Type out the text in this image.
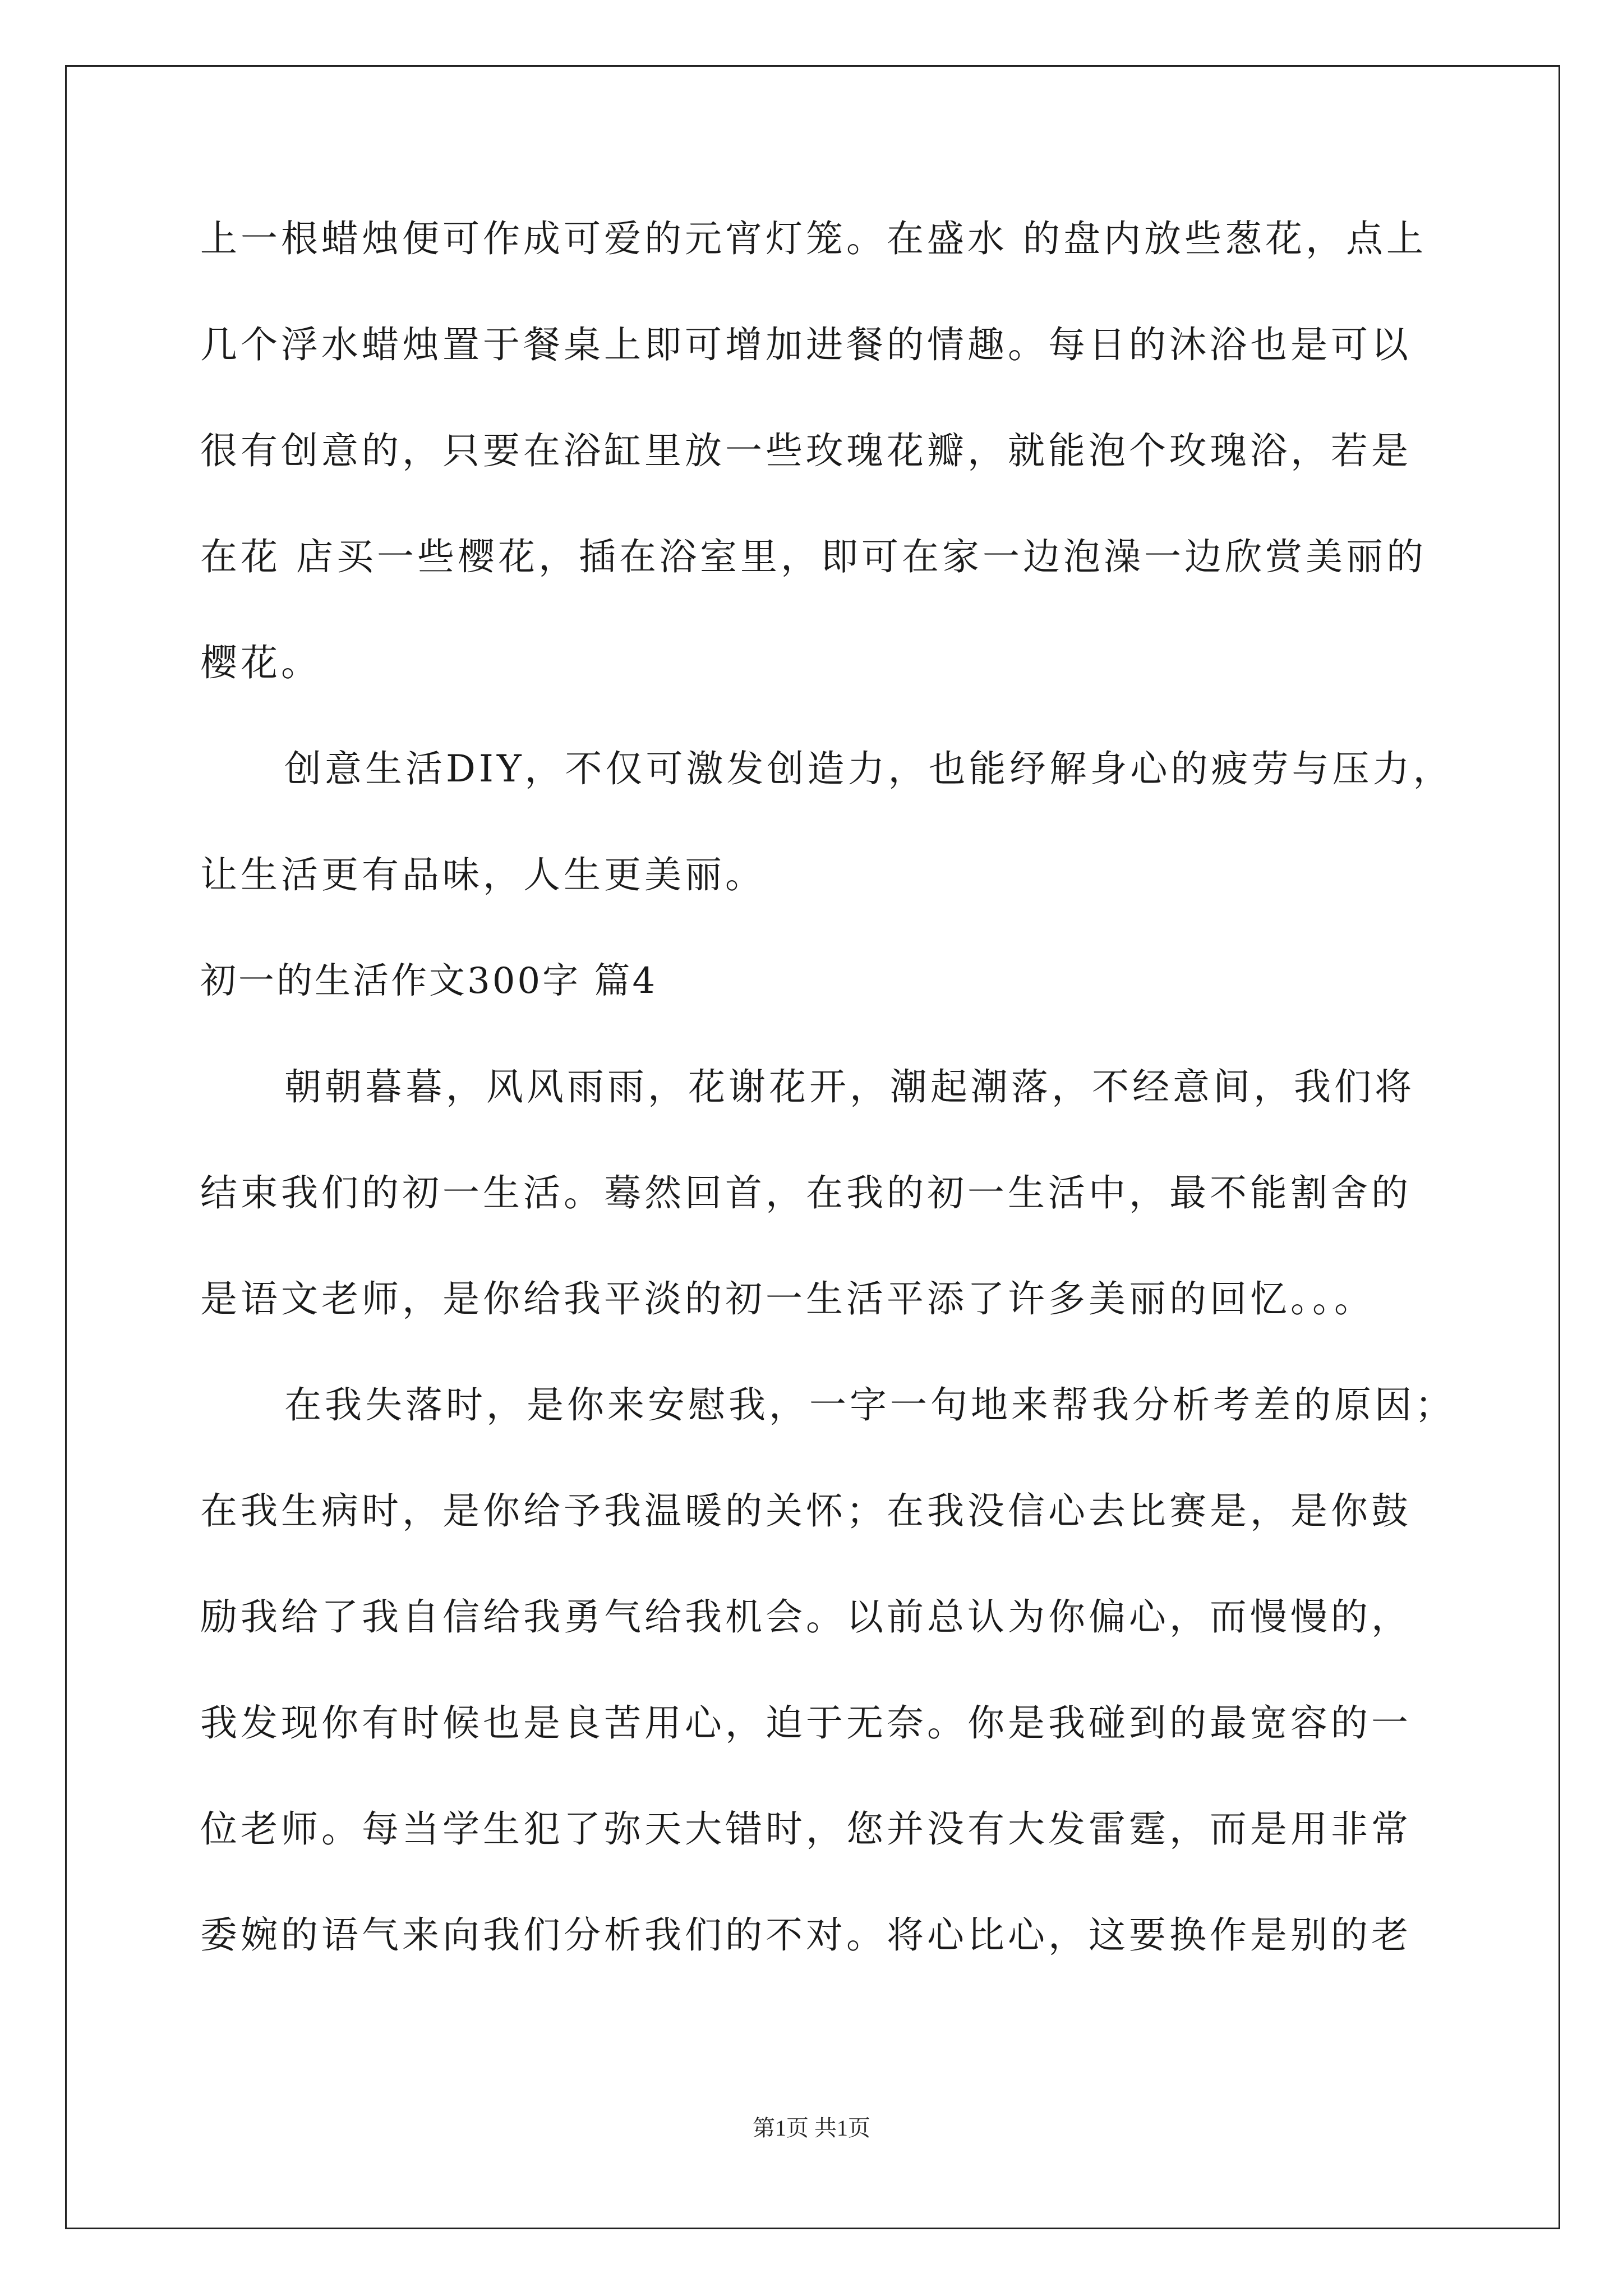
上一根蜡烛便可作成可爱的元宵灯笼。在盛水 的盘内放些葱花，点上

几个浮水蜡烛置于餐桌上即可增加进餐的情趣。每日的沐浴也是可以

很有创意的，只要在浴缸里放一些玫瑰花瓣，就能泡个玫瑰浴，若是

在花 店买一些樱花，插在浴室里，即可在家一边泡澡一边欣赏美丽的

樱花。

创意生活DIY，不仅可激发创造力，也能纾解身心的疲劳与压力，

让生活更有品味，人生更美丽。

初一的生活作文300字 篇4

朝朝暮暮，风风雨雨，花谢花开，潮起潮落，不经意间，我们将

结束我们的初一生活。蓦然回首，在我的初一生活中，最不能割舍的

是语文老师，是你给我平淡的初一生活平添了许多美丽的回忆。。。

在我失落时，是你来安慰我，一字一句地来帮我分析考差的原因；

在我生病时，是你给予我温暖的关怀；在我没信心去比赛是，是你鼓

励我给了我自信给我勇气给我机会。以前总认为你偏心，而慢慢的，

我发现你有时候也是良苦用心，迫于无奈。你是我碰到的最宽容的一

位老师。每当学生犯了弥天大错时，您并没有大发雷霆，而是用非常

委婉的语气来向我们分析我们的不对。将心比心，这要换作是别的老

第1页 共1页
